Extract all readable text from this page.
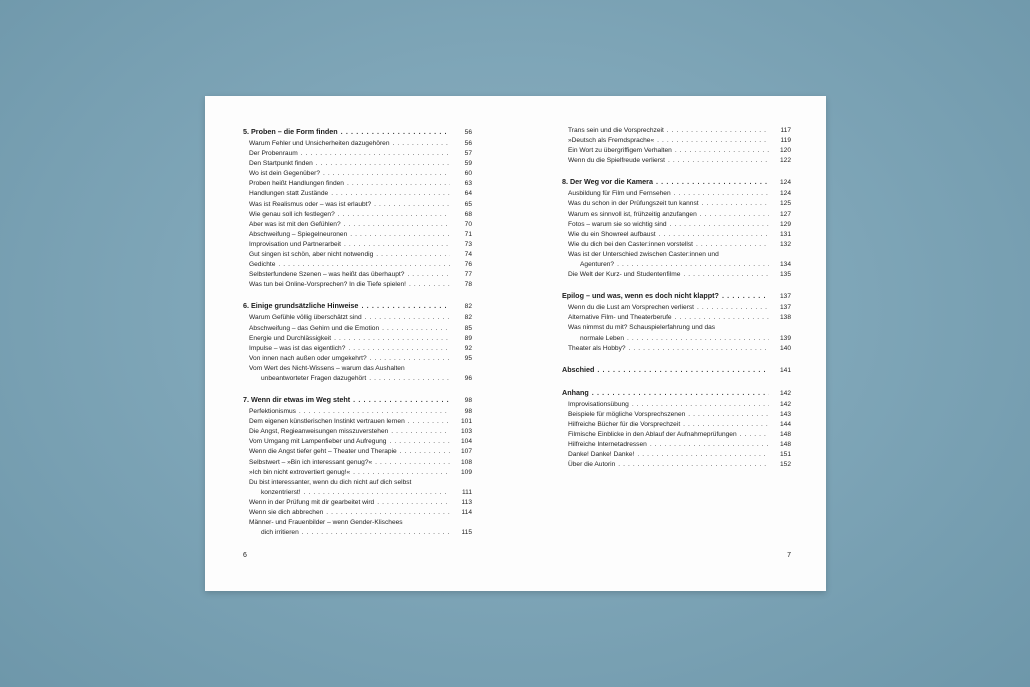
5. Proben – die Form finden . . .	56
Warum Fehler und Unsicherheiten dazugehören . . .	56
Der Probenraum . . .	57
Den Startpunkt finden . . .	59
Wo ist dein Gegenüber? . . .	60
Proben heißt Handlungen finden . . .	63
Handlungen statt Zustände . . .	64
Was ist Realismus oder – was ist erlaubt? . . .	65
Wie genau soll ich festlegen? . . .	68
Aber was ist mit den Gefühlen? . . .	70
Abschweifung – Spiegelneuronen . . .	71
Improvisation und Partnerarbeit . . .	73
Gut singen ist schön, aber nicht notwendig . . .	74
Gedichte . . .	76
Selbsterfundene Szenen – was heißt das überhaupt? . . .	77
Was tun bei Online-Vorsprechen? In die Tiefe spielen! . . .	78
6. Einige grundsätzliche Hinweise . . .	82
Warum Gefühle völlig überschätzt sind . . .	82
Abschweifung – das Gehirn und die Emotion . . .	85
Energie und Durchlässigkeit . . .	89
Impulse – was ist das eigentlich? . . .	92
Von innen nach außen oder umgekehrt? . . .	95
Vom Wert des Nicht-Wissens – warum das Aushalten
unbeantworteter Fragen dazugehört . . .	96
7. Wenn dir etwas im Weg steht . . .	98
Perfektionismus . . .	98
Dem eigenen künstlerischen Instinkt vertrauen lernen . . .	101
Die Angst, Regieanweisungen misszuverstehen . . .	103
Vom Umgang mit Lampenfieber und Aufregung . . .	104
Wenn die Angst tiefer geht – Theater und Therapie . . .	107
Selbstwert – »Bin ich interessant genug?« . . .	108
»Ich bin nicht extrovertiert genug!« . . .	109
Du bist interessanter, wenn du dich nicht auf dich selbst
konzentrierst! . . .	111
Wenn in der Prüfung mit dir gearbeitet wird . . .	113
Wenn sie dich abbrechen . . .	114
Männer- und Frauenbilder – wenn Gender-Klischees
dich irritieren . . .	115
6
Trans sein und die Vorsprechzeit . . .	117
»Deutsch als Fremdsprache« . . .	119
Ein Wort zu übergriffigem Verhalten . . .	120
Wenn du die Spielfreude verlierst . . .	122
8. Der Weg vor die Kamera . . .	124
Ausbildung für Film und Fernsehen . . .	124
Was du schon in der Prüfungszeit tun kannst . . .	125
Warum es sinnvoll ist, frühzeitig anzufangen . . .	127
Fotos – warum sie so wichtig sind . . .	129
Wie du ein Showreel aufbaust . . .	131
Wie du dich bei den Caster:innen vorstellst . . .	132
Was ist der Unterschied zwischen Caster:innen und
Agenturen? . . .	134
Die Welt der Kurz- und Studentenfilme . . .	135
Epilog – und was, wenn es doch nicht klappt? . . .	137
Wenn du die Lust am Vorsprechen verlierst . . .	137
Alternative Film- und Theaterberufe . . .	138
Was nimmst du mit? Schauspielerfahrung und das
normale Leben . . .	139
Theater als Hobby? . . .	140
Abschied . . .	141
Anhang . . .	142
Improvisationsübung . . .	142
Beispiele für mögliche Vorsprechszenen . . .	143
Hilfreiche Bücher für die Vorsprechzeit . . .	144
Filmische Einblicke in den Ablauf der Aufnahmeprüfungen . . .	148
Hilfreiche Internetadressen . . .	148
Danke! Danke! Danke! . . .	151
Über die Autorin . . .	152
7
